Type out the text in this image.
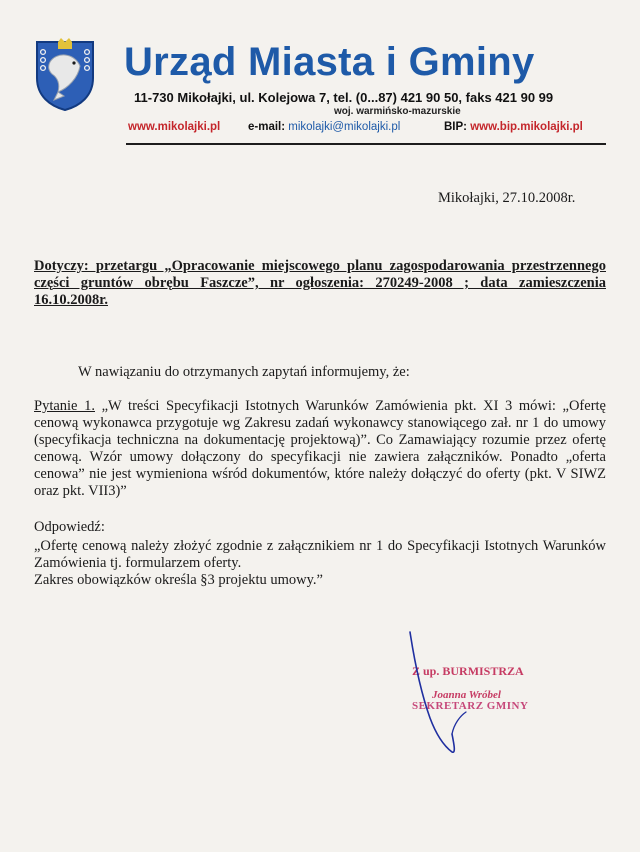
Urząd Miasta i Gminy
11-730 Mikołajki, ul. Kolejowa 7, tel. (0...87) 421 90 50, faks 421 90 99
woj. warmińsko-mazurskie
www.mikolajki.pl e-mail: mikolajki@mikolajki.pl	BIP: www.bip.mikolajki.pl
Mikołajki, 27.10.2008r.
Dotyczy: przetargu „Opracowanie miejscowego planu zagospodarowania przestrzennego części gruntów obrębu Faszcze”, nr ogłoszenia: 270249-2008 ; data zamieszczenia 16.10.2008r.
W nawiązaniu do otrzymanych zapytań informujemy, że:
Pytanie 1. „W treści Specyfikacji Istotnych Warunków Zamówienia pkt. XI 3 mówi: „Ofertę cenową wykonawca przygotuje wg Zakresu zadań wykonawcy stanowiącego zał. nr 1 do umowy (specyfikacja techniczna na dokumentację projektową)”. Co Zamawiający rozumie przez ofertę cenową. Wzór umowy dołączony do specyfikacji nie zawiera załączników. Ponadto „oferta cenowa” nie jest wymieniona wśród dokumentów, które należy dołączyć do oferty (pkt. V SIWZ oraz pkt. VII3)”
Odpowiedź:

„Ofertę cenową należy złożyć zgodnie z załącznikiem nr 1 do Specyfikacji Istotnych Warunków Zamówienia tj. formularzem oferty.

Zakres obowiązków określa §3 projektu umowy.”

Z up. BURMISTRZA
Joanna Wróbel
SEKRETARZ GMINY
